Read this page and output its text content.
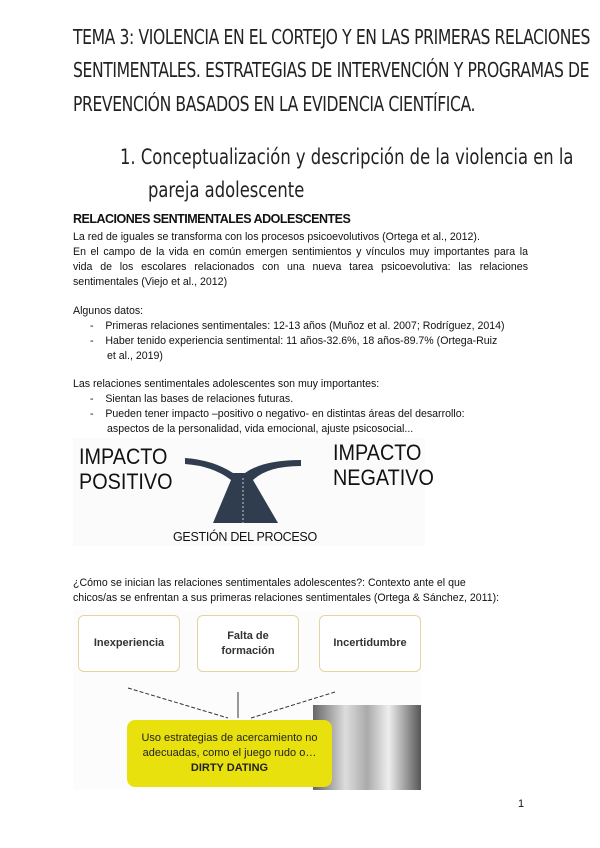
TEMA 3: VIOLENCIA EN EL CORTEJO Y EN LAS PRIMERAS RELACIONES
SENTIMENTALES. ESTRATEGIAS DE INTERVENCIÓN Y PROGRAMAS DE
PREVENCIÓN BASADOS EN LA EVIDENCIA CIENTÍFICA.
1. Conceptualización y descripción de la violencia en la
pareja adolescente
RELACIONES SENTIMENTALES ADOLESCENTES
La red de iguales se transforma con los procesos psicoevolutivos (Ortega et al., 2012).
En el campo de la vida en común emergen sentimientos y vínculos muy importantes para la
vida de los escolares relacionados con una nueva tarea psicoevolutiva: las relaciones
sentimentales (Viejo et al., 2012)
Algunos datos:
-    Primeras relaciones sentimentales: 12-13 años (Muñoz et al. 2007; Rodríguez, 2014)
-    Haber tenido experiencia sentimental: 11 años-32.6%, 18 años-89.7% (Ortega-Ruiz
et al., 2019)
Las relaciones sentimentales adolescentes son muy importantes:
-    Sientan las bases de relaciones futuras.
-    Pueden tener impacto –positivo o negativo- en distintas áreas del desarrollo:
aspectos de la personalidad, vida emocional, ajuste psicosocial...
IMPACTO
POSITIVO
IMPACTO
NEGATIVO
GESTIÓN DEL PROCESO
¿Cómo se inician las relaciones sentimentales adolescentes?: Contexto ante el que
chicos/as se enfrentan a sus primeras relaciones sentimentales (Ortega & Sánchez, 2011):
Inexperiencia
Falta de formación
Incertidumbre
Uso estrategias de acercamiento no
adecuadas, como el juego rudo o…
DIRTY DATING
1
